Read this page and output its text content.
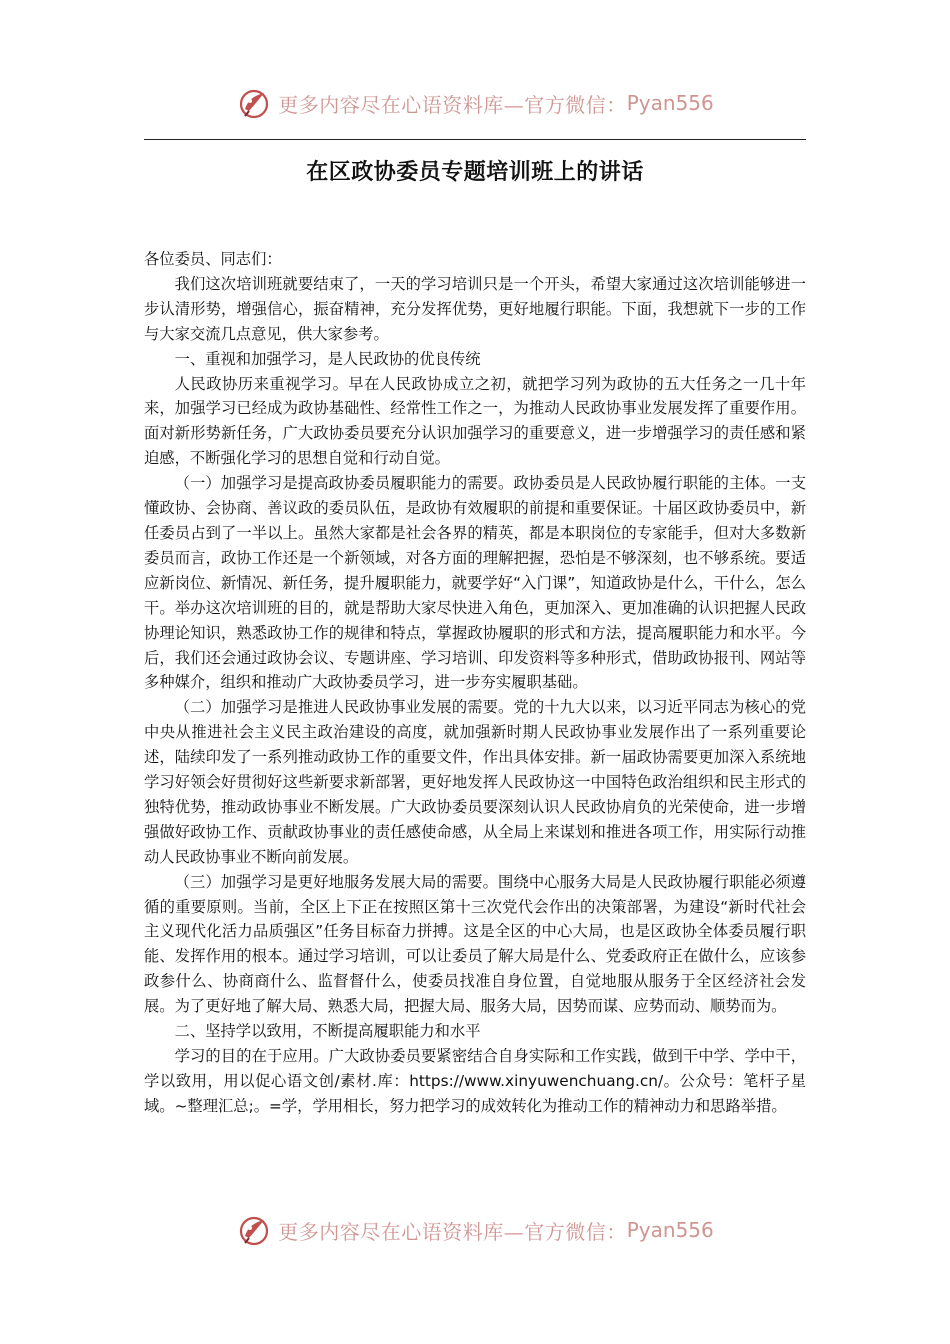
更多内容尽在心语资料库—官方微信： Pyan556
在区政协委员专题培训班上的讲话

各位委员、同志们：

我们这次培训班就要结束了，一天的学习培训只是一个开头，希望大家通过这次培训能够进一步认清形势，增强信心，振奋精神，充分发挥优势，更好地履行职能。下面，我想就下一步的工作与大家交流几点意见，供大家参考。

一、重视和加强学习，是人民政协的优良传统

人民政协历来重视学习。早在人民政协成立之初，就把学习列为政协的五大任务之一几十年来，加强学习已经成为政协基础性、经常性工作之一，为推动人民政协事业发展发挥了重要作用。面对新形势新任务，广大政协委员要充分认识加强学习的重要意义，进一步增强学习的责任感和紧迫感，不断强化学习的思想自觉和行动自觉。

（一）加强学习是提高政协委员履职能力的需要。政协委员是人民政协履行职能的主体。一支懂政协、会协商、善议政的委员队伍，是政协有效履职的前提和重要保证。十届区政协委员中，新任委员占到了一半以上。虽然大家都是社会各界的精英，都是本职岗位的专家能手，但对大多数新委员而言，政协工作还是一个新领域，对各方面的理解把握，恐怕是不够深刻，也不够系统。要适应新岗位、新情况、新任务，提升履职能力，就要学好“入门课”，知道政协是什么，干什么，怎么干。举办这次培训班的目的，就是帮助大家尽快进入角色，更加深入、更加准确的认识把握人民政协理论知识，熟悉政协工作的规律和特点，掌握政协履职的形式和方法，提高履职能力和水平。今后，我们还会通过政协会议、专题讲座、学习培训、印发资料等多种形式，借助政协报刊、网站等多种媒介，组织和推动广大政协委员学习，进一步夯实履职基础。

（二）加强学习是推进人民政协事业发展的需要。党的十九大以来，以习近平同志为核心的党中央从推进社会主义民主政治建设的高度，就加强新时期人民政协事业发展作出了一系列重要论述，陆续印发了一系列推动政协工作的重要文件，作出具体安排。新一届政协需要更加深入系统地学习好领会好贯彻好这些新要求新部署，更好地发挥人民政协这一中国特色政治组织和民主形式的独特优势，推动政协事业不断发展。广大政协委员要深刻认识人民政协肩负的光荣使命，进一步增强做好政协工作、贡献政协事业的责任感使命感，从全局上来谋划和推进各项工作，用实际行动推动人民政协事业不断向前发展。

（三）加强学习是更好地服务发展大局的需要。围绕中心服务大局是人民政协履行职能必须遵循的重要原则。当前，全区上下正在按照区第十三次党代会作出的决策部署，为建设“新时代社会主义现代化活力品质强区”任务目标奋力拼搏。这是全区的中心大局，也是区政协全体委员履行职能、发挥作用的根本。通过学习培训，可以让委员了解大局是什么、党委政府正在做什么，应该参政参什么、协商商什么、监督督什么，使委员找准自身位置，自觉地服从服务于全区经济社会发展。为了更好地了解大局、熟悉大局，把握大局、服务大局，因势而谋、应势而动、顺势而为。

二、坚持学以致用，不断提高履职能力和水平

学习的目的在于应用。广大政协委员要紧密结合自身实际和工作实践，做到干中学、学中干，学以致用，用以促心语文创/素材.库：https://www.xinyuwenchuang.cn/。公众号：笔杆子星域。~整理汇总;。=学，学用相长，努力把学习的成效转化为推动工作的精神动力和思路举措。

更多内容尽在心语资料库—官方微信： Pyan556
